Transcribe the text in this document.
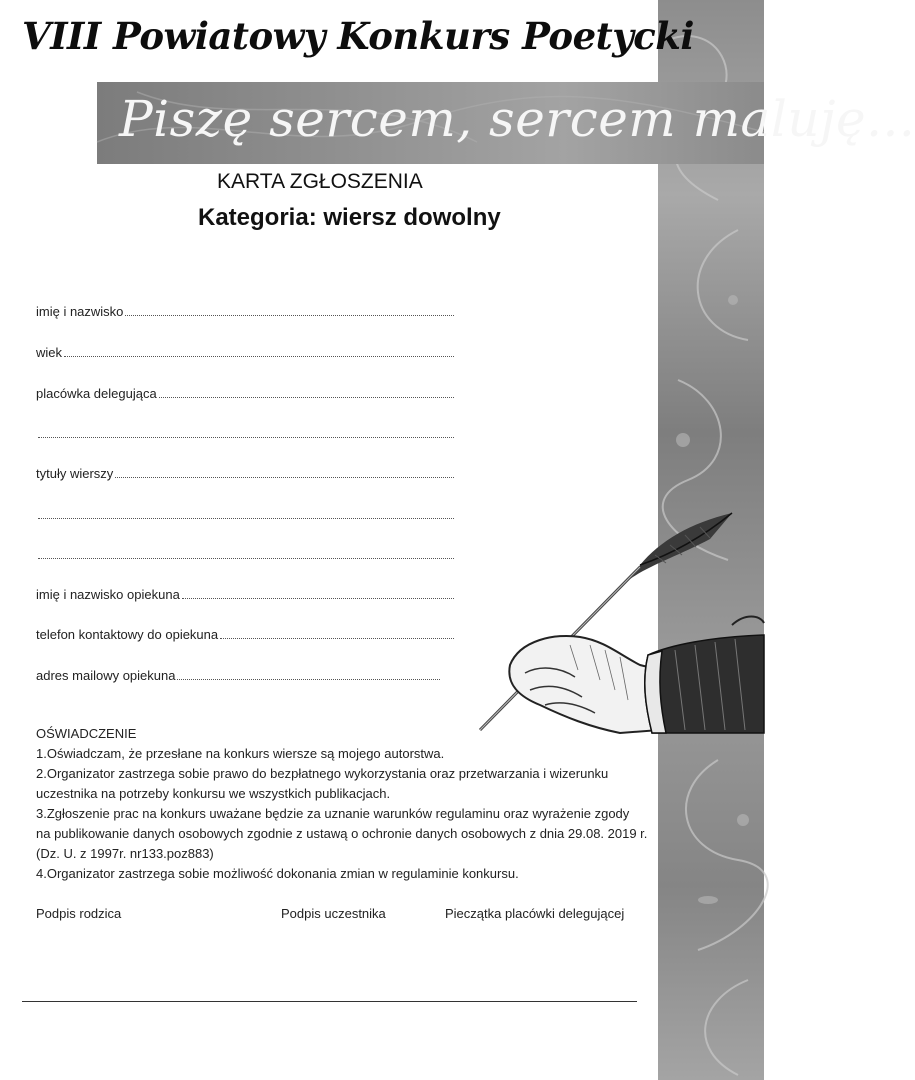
VIII Powiatowy Konkurs Poetycki

Piszę sercem, sercem maluję...

KARTA ZGŁOSZENIA
Kategoria: wiersz dowolny
imię i nazwisko
wiek
placówka delegująca
tytuły wierszy
imię i nazwisko opiekuna
telefon kontaktowy do opiekuna
adres mailowy opiekuna

OŚWIADCZENIE

1.Oświadczam, że przesłane na konkurs wiersze są mojego autorstwa.

2.Organizator zastrzega sobie prawo do bezpłatnego wykorzystania oraz przetwarzania i wizerunku

uczestnika na potrzeby konkursu we wszystkich publikacjach.

3.Zgłoszenie prac na konkurs uważane będzie za uznanie warunków regulaminu oraz wyrażenie zgody

na publikowanie danych osobowych zgodnie z ustawą o ochronie danych osobowych z dnia 29.08. 2019 r.

(Dz. U. z 1997r. nr133.poz883)

4.Organizator zastrzega sobie możliwość dokonania zmian w regulaminie konkursu.

Podpis rodzica	Podpis uczestnika	Pieczątka placówki delegującej
